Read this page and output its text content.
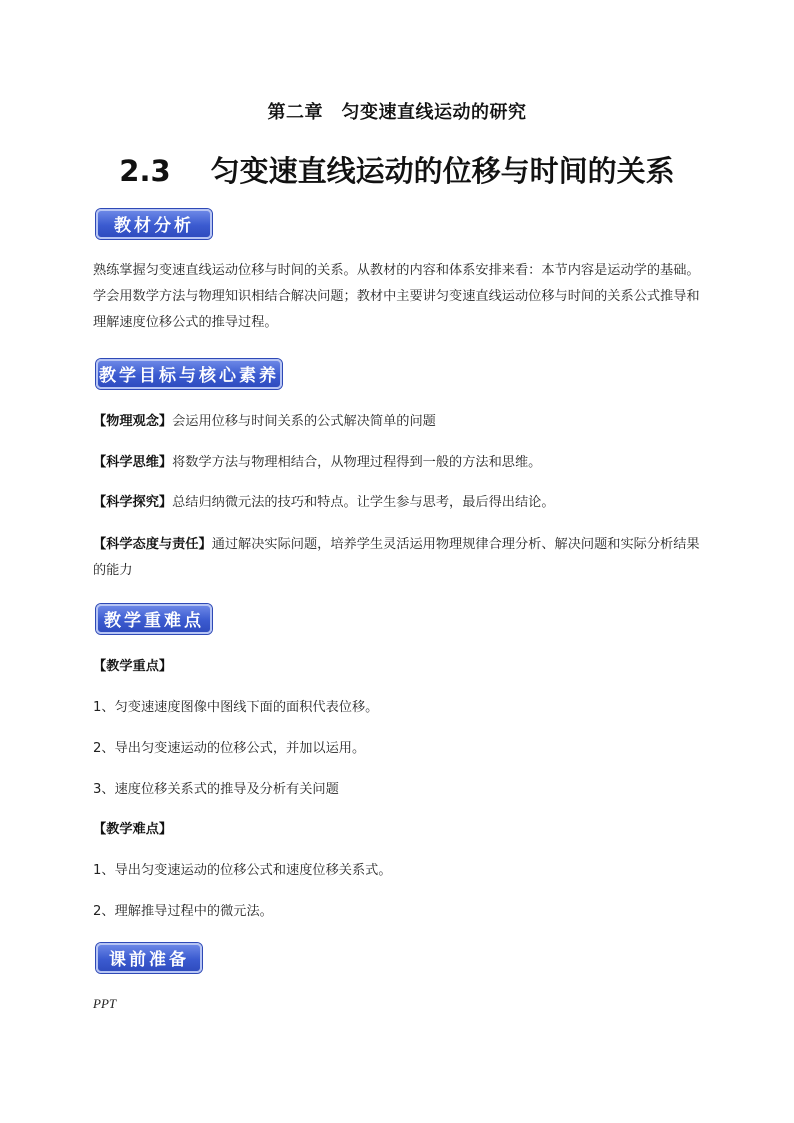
第二章　匀变速直线运动的研究
2.3 匀变速直线运动的位移与时间的关系
教材分析
熟练掌握匀变速直线运动位移与时间的关系。从教材的内容和体系安排来看：本节内容是运动学的基础。学会用数学方法与物理知识相结合解决问题；教材中主要讲匀变速直线运动位移与时间的关系公式推导和理解速度位移公式的推导过程。
教学目标与核心素养
【物理观念】会运用位移与时间关系的公式解决简单的问题
【科学思维】将数学方法与物理相结合，从物理过程得到一般的方法和思维。
【科学探究】总结归纳微元法的技巧和特点。让学生参与思考，最后得出结论。
【科学态度与责任】通过解决实际问题，培养学生灵活运用物理规律合理分析、解决问题和实际分析结果的能力
教学重难点
【教学重点】
1、匀变速速度图像中图线下面的面积代表位移。
2、导出匀变速运动的位移公式，并加以运用。
3、速度位移关系式的推导及分析有关问题
【教学难点】
1、导出匀变速运动的位移公式和速度位移关系式。
2、理解推导过程中的微元法。
课前准备
PPT
